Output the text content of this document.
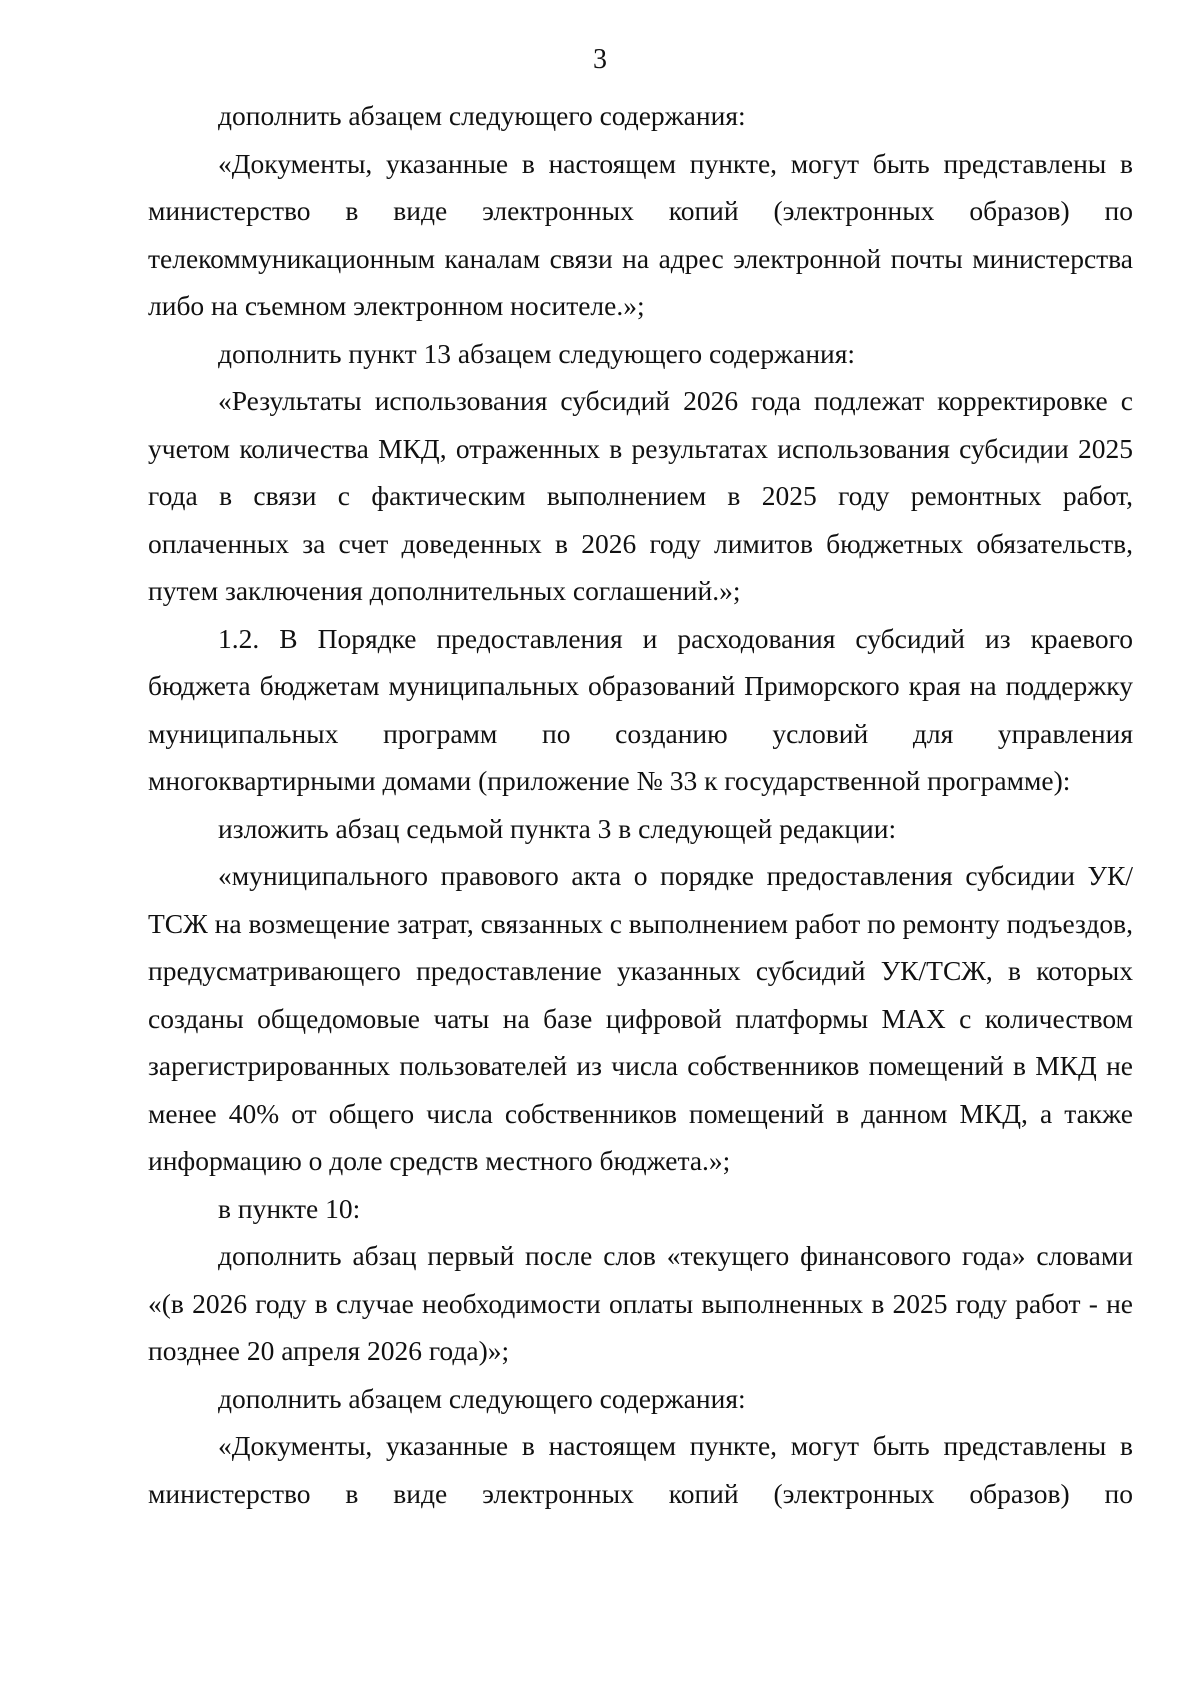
3

дополнить абзацем следующего содержания:

«Документы, указанные в настоящем пункте, могут быть представлены в министерство в виде электронных копий (электронных образов) по телекоммуникационным каналам связи на адрес электронной почты министерства либо на съемном электронном носителе.»;

дополнить пункт 13 абзацем следующего содержания:

«Результаты использования субсидий 2026 года подлежат корректировке с учетом количества МКД, отраженных в результатах использования субсидии 2025 года в связи с фактическим выполнением в 2025 году ремонтных работ, оплаченных за счет доведенных в 2026 году лимитов бюджетных обязательств, путем заключения дополнительных соглашений.»;

1.2. В Порядке предоставления и расходования субсидий из краевого бюджета бюджетам муниципальных образований Приморского края на поддержку муниципальных программ по созданию условий для управления многоквартирными домами (приложение № 33 к государственной программе):

изложить абзац седьмой пункта 3 в следующей редакции:

«муниципального правового акта о порядке предоставления субсидии УК/ТСЖ на возмещение затрат, связанных с выполнением работ по ремонту подъездов, предусматривающего предоставление указанных субсидий УК/ТСЖ, в которых созданы общедомовые чаты на базе цифровой платформы MAX с количеством зарегистрированных пользователей из числа собственников помещений в МКД не менее 40% от общего числа собственников помещений в данном МКД, а также информацию о доле средств местного бюджета.»;

в пункте 10:

дополнить абзац первый после слов «текущего финансового года» словами «(в 2026 году в случае необходимости оплаты выполненных в 2025 году работ - не позднее 20 апреля 2026 года)»;

дополнить абзацем следующего содержания:

«Документы, указанные в настоящем пункте, могут быть представлены в министерство в виде электронных копий (электронных образов) по
